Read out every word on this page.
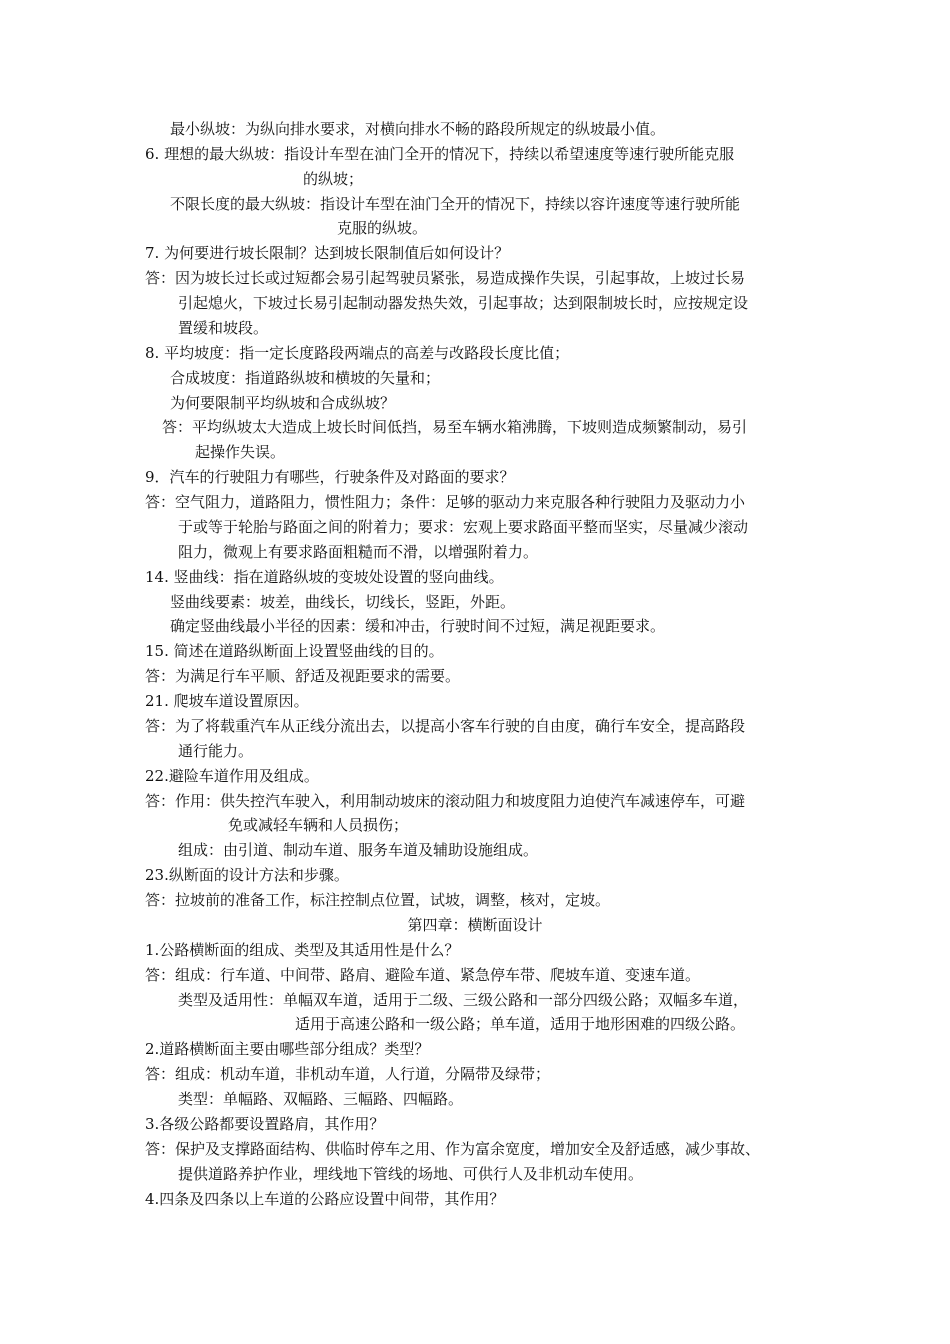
最小纵坡：为纵向排水要求，对横向排水不畅的路段所规定的纵坡最小值。
6. 理想的最大纵坡：指设计车型在油门全开的情况下，持续以希望速度等速行驶所能克服
的纵坡；
不限长度的最大纵坡：指设计车型在油门全开的情况下，持续以容许速度等速行驶所能
克服的纵坡。
7. 为何要进行坡长限制？达到坡长限制值后如何设计？
答：因为坡长过长或过短都会易引起驾驶员紧张，易造成操作失误，引起事故，上坡过长易
引起熄火，下坡过长易引起制动器发热失效，引起事故；达到限制坡长时，应按规定设
置缓和坡段。
8. 平均坡度：指一定长度路段两端点的高差与改路段长度比值；
合成坡度：指道路纵坡和横坡的矢量和；
为何要限制平均纵坡和合成纵坡？
答：平均纵坡太大造成上坡长时间低挡，易至车辆水箱沸腾，下坡则造成频繁制动，易引
起操作失误。
9．汽车的行驶阻力有哪些，行驶条件及对路面的要求？
答：空气阻力，道路阻力，惯性阻力；条件：足够的驱动力来克服各种行驶阻力及驱动力小
于或等于轮胎与路面之间的附着力；要求：宏观上要求路面平整而坚实，尽量减少滚动
阻力，微观上有要求路面粗糙而不滑，以增强附着力。
14. 竖曲线：指在道路纵坡的变坡处设置的竖向曲线。
竖曲线要素：坡差，曲线长，切线长，竖距，外距。
确定竖曲线最小半径的因素：缓和冲击，行驶时间不过短，满足视距要求。
15. 简述在道路纵断面上设置竖曲线的目的。
答：为满足行车平顺、舒适及视距要求的需要。
21. 爬坡车道设置原因。
答：为了将载重汽车从正线分流出去，以提高小客车行驶的自由度，确行车安全，提高路段
通行能力。
22.避险车道作用及组成。
答：作用：供失控汽车驶入，利用制动坡床的滚动阻力和坡度阻力迫使汽车减速停车，可避
免或减轻车辆和人员损伤；
组成：由引道、制动车道、服务车道及辅助设施组成。
23.纵断面的设计方法和步骤。
答：拉坡前的准备工作，标注控制点位置，试坡，调整，核对，定坡。
第四章：横断面设计
1.公路横断面的组成、类型及其适用性是什么？
答：组成：行车道、中间带、路肩、避险车道、紧急停车带、爬坡车道、变速车道。
类型及适用性：单幅双车道，适用于二级、三级公路和一部分四级公路；双幅多车道，
适用于高速公路和一级公路；单车道，适用于地形困难的四级公路。
2.道路横断面主要由哪些部分组成？类型？
答：组成：机动车道，非机动车道，人行道，分隔带及绿带；
类型：单幅路、双幅路、三幅路、四幅路。
3.各级公路都要设置路肩，其作用？
答：保护及支撑路面结构、供临时停车之用、作为富余宽度，增加安全及舒适感，减少事故、
提供道路养护作业，埋线地下管线的场地、可供行人及非机动车使用。
4.四条及四条以上车道的公路应设置中间带，其作用？
